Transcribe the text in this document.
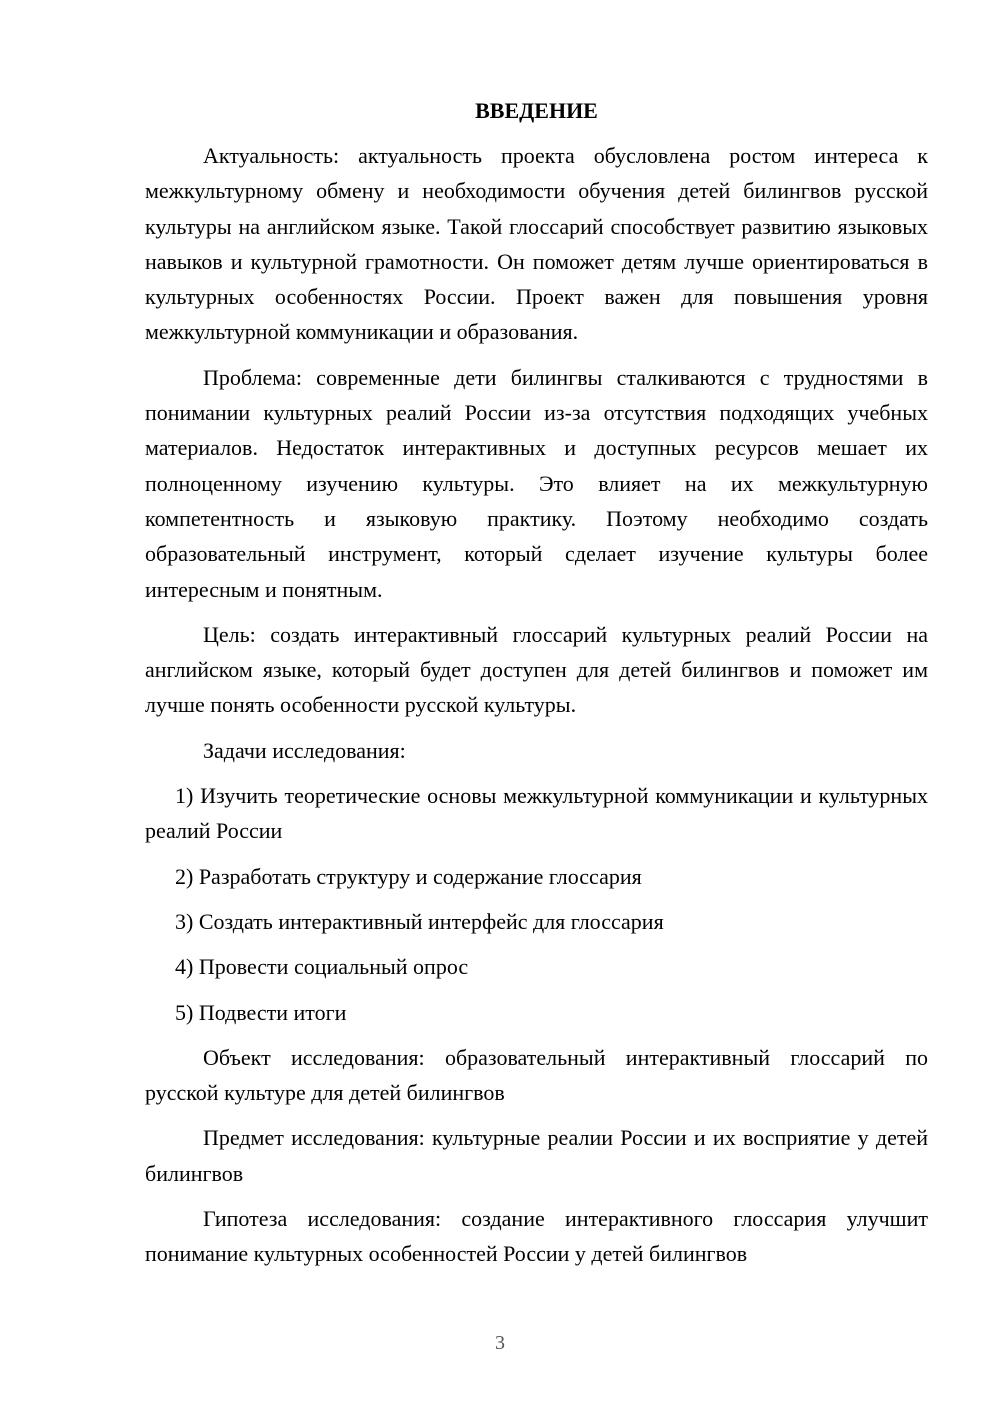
ВВЕДЕНИЕ

Актуальность: актуальность проекта обусловлена ростом интереса к межкультурному обмену и необходимости обучения детей билингвов русской культуры на английском языке. Такой глоссарий способствует развитию языковых навыков и культурной грамотности. Он поможет детям лучше ориентироваться в культурных особенностях России. Проект важен для повышения уровня межкультурной коммуникации и образования.

Проблема: современные дети билингвы сталкиваются с трудностями в понимании культурных реалий России из-за отсутствия подходящих учебных материалов. Недостаток интерактивных и доступных ресурсов мешает их полноценному изучению культуры. Это влияет на их межкультурную компетентность и языковую практику. Поэтому необходимо создать образовательный инструмент, который сделает изучение культуры более интересным и понятным.

Цель: создать интерактивный глоссарий культурных реалий России на английском языке, который будет доступен для детей билингвов и поможет им лучше понять особенности русской культуры.

Задачи исследования:

1) Изучить теоретические основы межкультурной коммуникации и культурных реалий России

2) Разработать структуру и содержание глоссария

3) Создать интерактивный интерфейс для глоссария

4) Провести социальный опрос

5) Подвести итоги

Объект исследования: образовательный интерактивный глоссарий по русской культуре для детей билингвов

Предмет исследования: культурные реалии России и их восприятие у детей билингвов

Гипотеза исследования: создание интерактивного глоссария улучшит понимание культурных особенностей России у детей билингвов

3
